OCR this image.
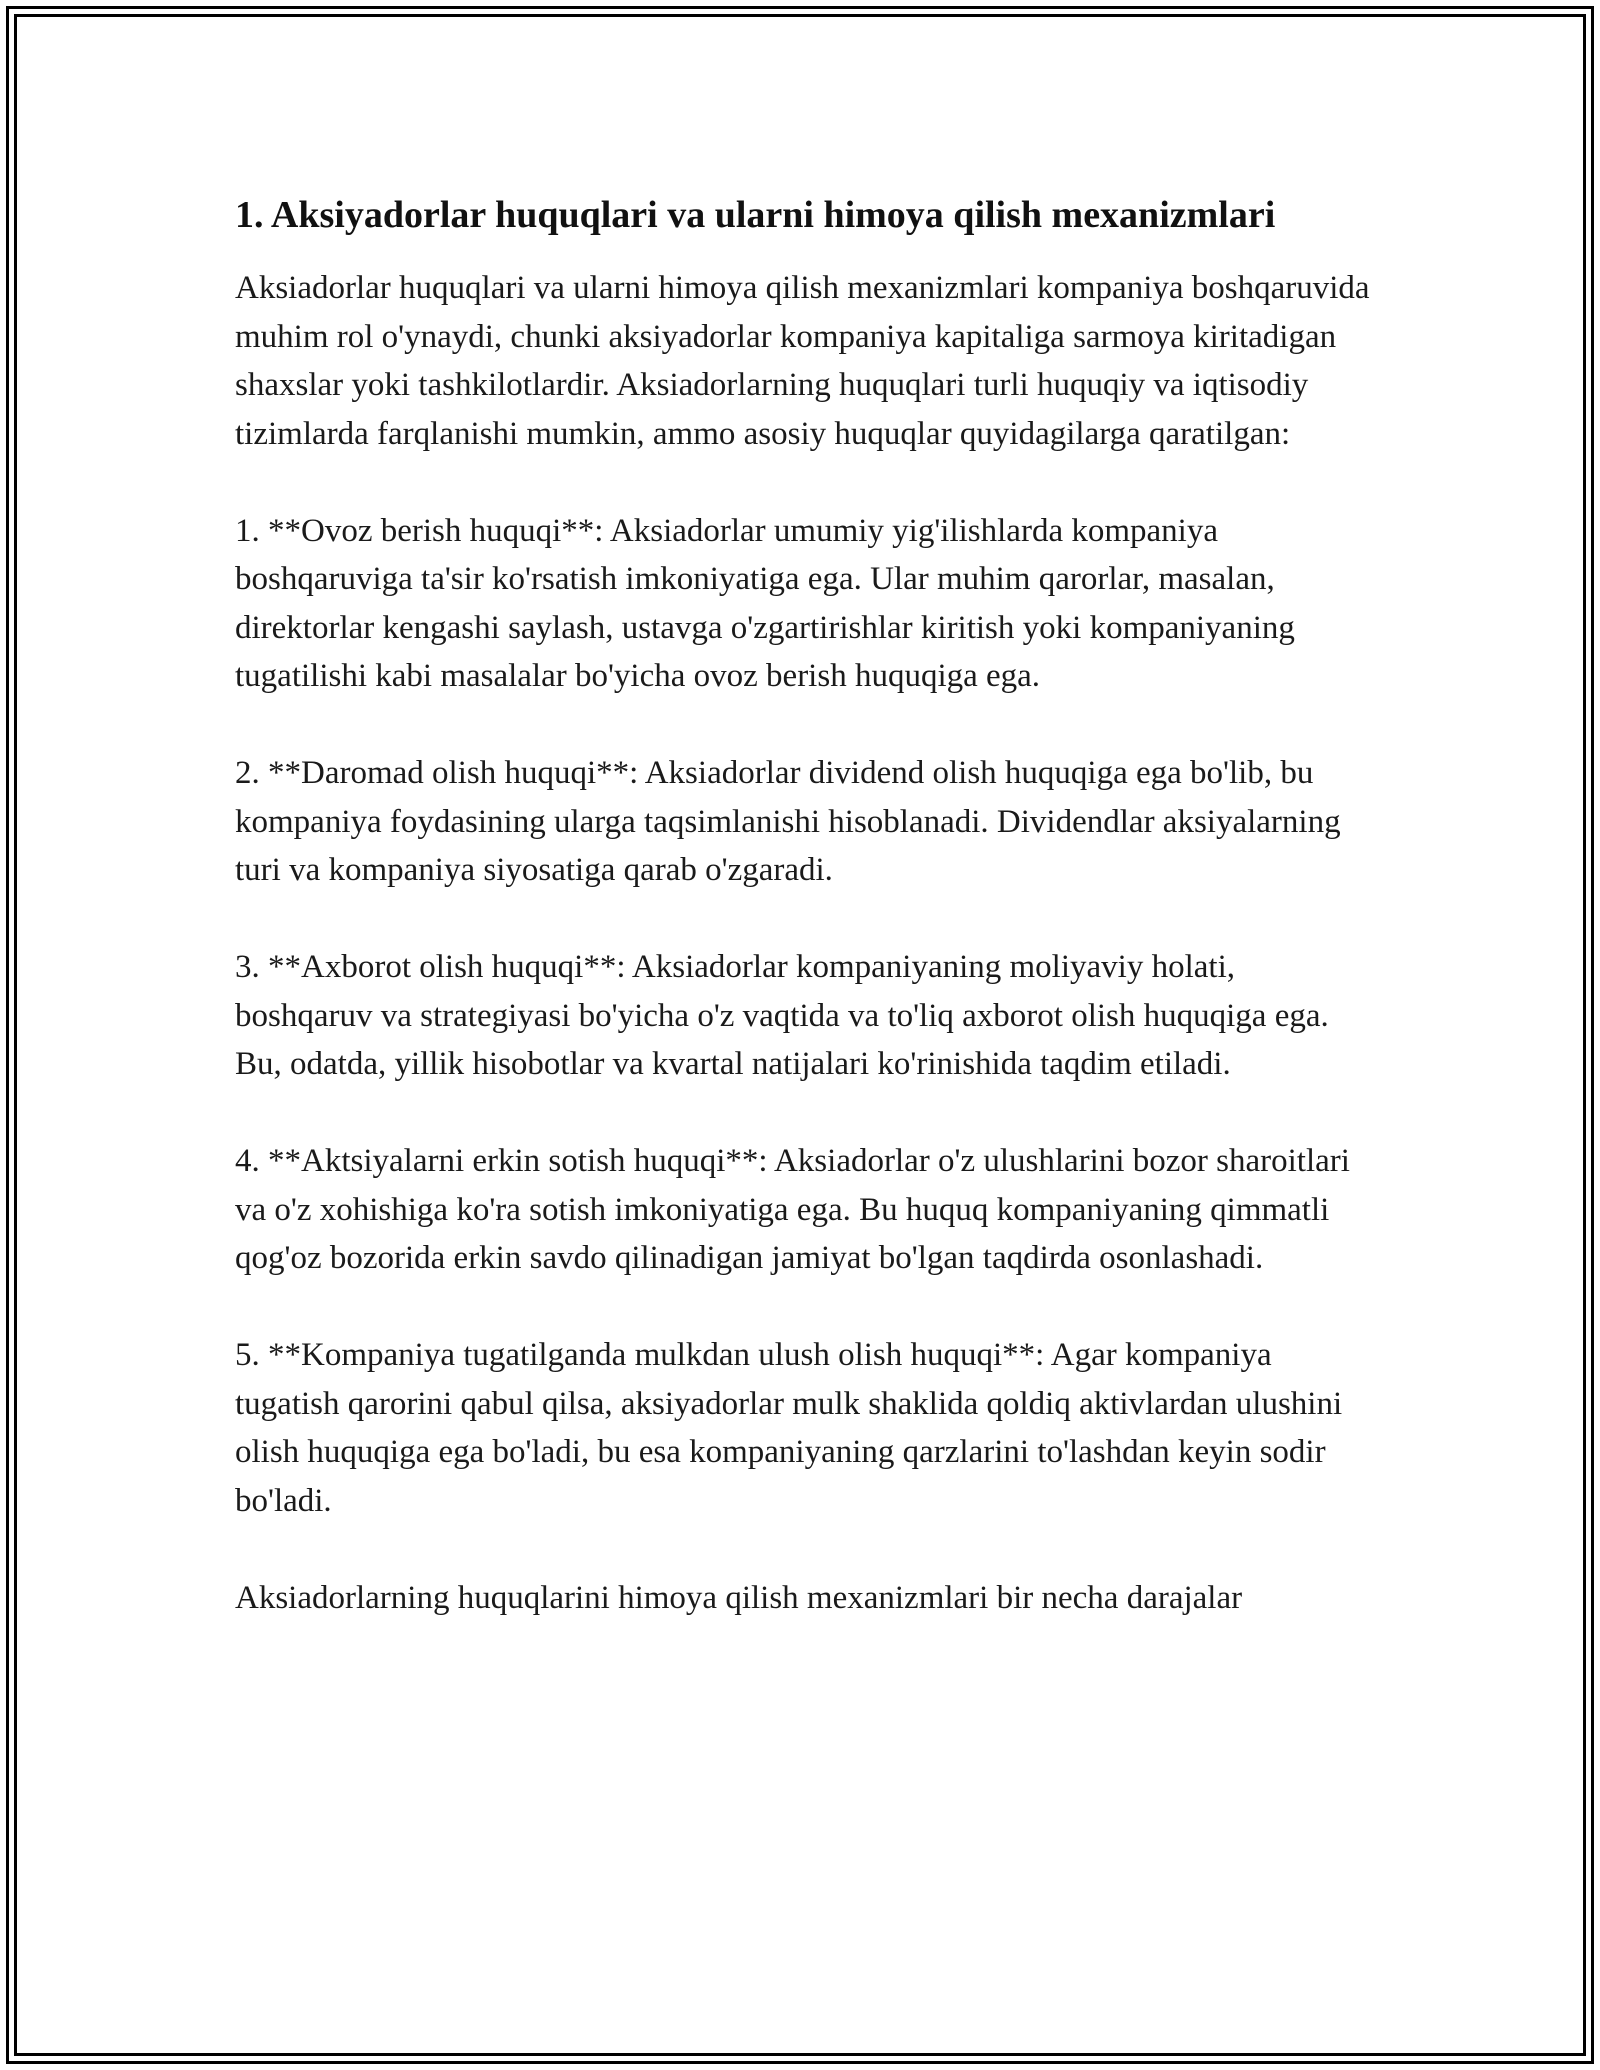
1. Aksiyadorlar huquqlari va ularni himoya qilish mexanizmlari

Aksiadorlar huquqlari va ularni himoya qilish mexanizmlari kompaniya boshqaruvida muhim rol o'ynaydi, chunki aksiyadorlar kompaniya kapitaliga sarmoya kiritadigan shaxslar yoki tashkilotlardir. Aksiadorlarning huquqlari turli huquqiy va iqtisodiy tizimlarda farqlanishi mumkin, ammo asosiy huquqlar quyidagilarga qaratilgan:

1. **Ovoz berish huquqi**: Aksiadorlar umumiy yig'ilishlarda kompaniya boshqaruviga ta'sir ko'rsatish imkoniyatiga ega. Ular muhim qarorlar, masalan, direktorlar kengashi saylash, ustavga o'zgartirishlar kiritish yoki kompaniyaning tugatilishi kabi masalalar bo'yicha ovoz berish huquqiga ega.

2. **Daromad olish huquqi**: Aksiadorlar dividend olish huquqiga ega bo'lib, bu kompaniya foydasining ularga taqsimlanishi hisoblanadi. Dividendlar aksiyalarning turi va kompaniya siyosatiga qarab o'zgaradi.

3. **Axborot olish huquqi**: Aksiadorlar kompaniyaning moliyaviy holati, boshqaruv va strategiyasi bo'yicha o'z vaqtida va to'liq axborot olish huquqiga ega. Bu, odatda, yillik hisobotlar va kvartal natijalari ko'rinishida taqdim etiladi.

4. **Aktsiyalarni erkin sotish huquqi**: Aksiadorlar o'z ulushlarini bozor sharoitlari va o'z xohishiga ko'ra sotish imkoniyatiga ega. Bu huquq kompaniyaning qimmatli qog'oz bozorida erkin savdo qilinadigan jamiyat bo'lgan taqdirda osonlashadi.

5. **Kompaniya tugatilganda mulkdan ulush olish huquqi**: Agar kompaniya tugatish qarorini qabul qilsa, aksiyadorlar mulk shaklida qoldiq aktivlardan ulushini olish huquqiga ega bo'ladi, bu esa kompaniyaning qarzlarini to'lashdan keyin sodir bo'ladi.

Aksiadorlarning huquqlarini himoya qilish mexanizmlari bir necha darajalar
